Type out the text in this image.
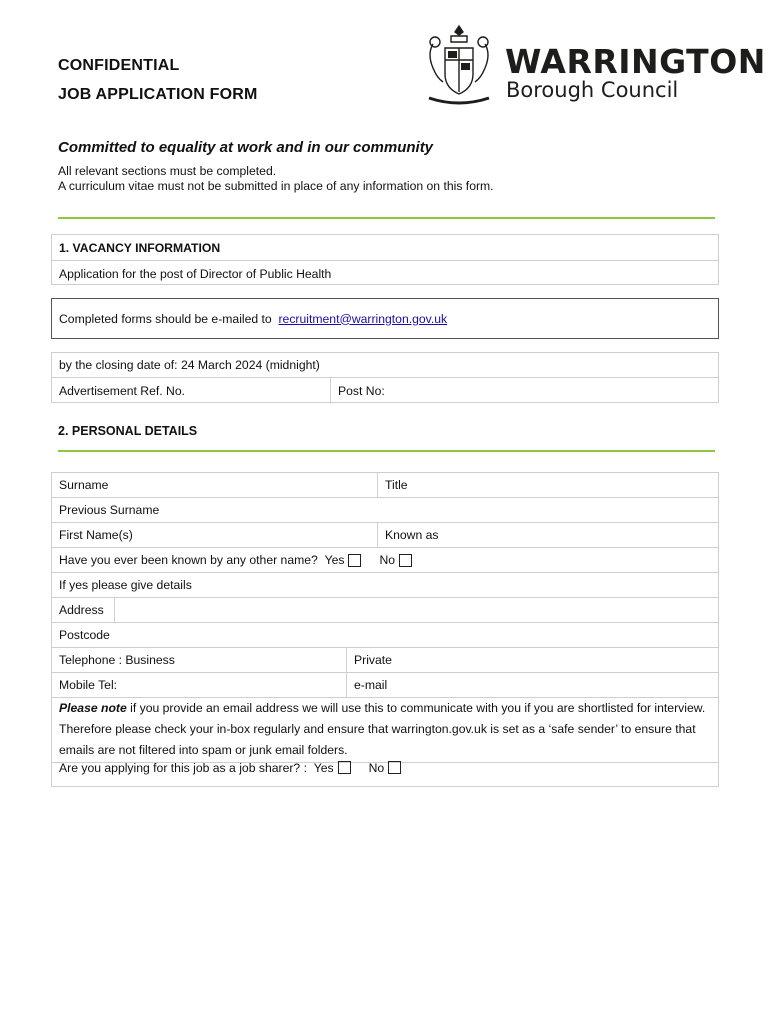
CONFIDENTIAL
JOB APPLICATION FORM
WARRINGTON
Borough Council
Committed to equality at work and in our community
All relevant sections must be completed.
A curriculum vitae must not be submitted in place of any information on this form.
1. VACANCY INFORMATION
Application for the post of Director of Public Health
Completed forms should be e-mailed to
recruitment@warrington.gov.uk
by the closing date of: 24 March 2024 (midnight)
Advertisement Ref. No.	Post No:
2. PERSONAL DETAILS
Surname	Title
Previous Surname
First Name(s)	Known as
Have you ever been known by any other name?
Yes	No
If yes please give details
Address
Postcode
Telephone : Business	Private
Mobile Tel:	e-mail
Please note if you provide an email address we will use this to communicate with you if you are shortlisted for interview. Therefore please check your in-box regularly and ensure that warrington.gov.uk is set as a ‘safe sender’ to ensure that emails are not filtered into spam or junk email folders.
Are you applying for this job as a job sharer? :
Yes	No
